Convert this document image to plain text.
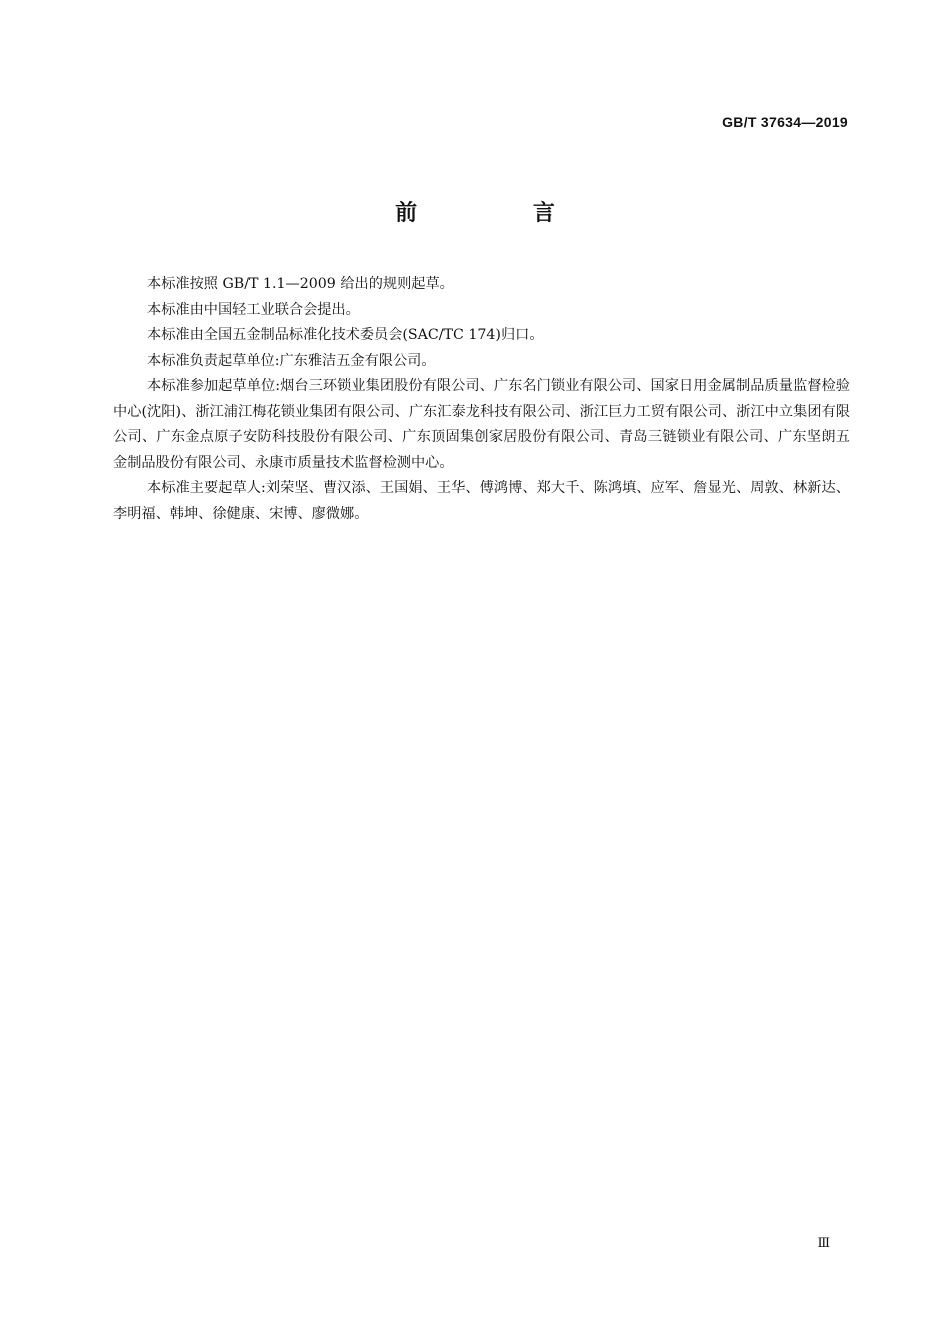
GB/T 37634—2019
前 言

本标准按照 GB/T 1.1—2009 给出的规则起草。

本标准由中国轻工业联合会提出。

本标准由全国五金制品标准化技术委员会(SAC/TC 174)归口。

本标准负责起草单位:广东雅洁五金有限公司。

本标准参加起草单位:烟台三环锁业集团股份有限公司、广东名门锁业有限公司、国家日用金属制品质量监督检验中心(沈阳)、浙江浦江梅花锁业集团有限公司、广东汇泰龙科技有限公司、浙江巨力工贸有限公司、浙江中立集团有限公司、广东金点原子安防科技股份有限公司、广东顶固集创家居股份有限公司、青岛三链锁业有限公司、广东坚朗五金制品股份有限公司、永康市质量技术监督检测中心。

本标准主要起草人:刘荣坚、曹汉添、王国娟、王华、傅鸿博、郑大千、陈鸿填、应军、詹显光、周敦、林新达、李明福、韩坤、徐健康、宋博、廖微娜。

Ⅲ
